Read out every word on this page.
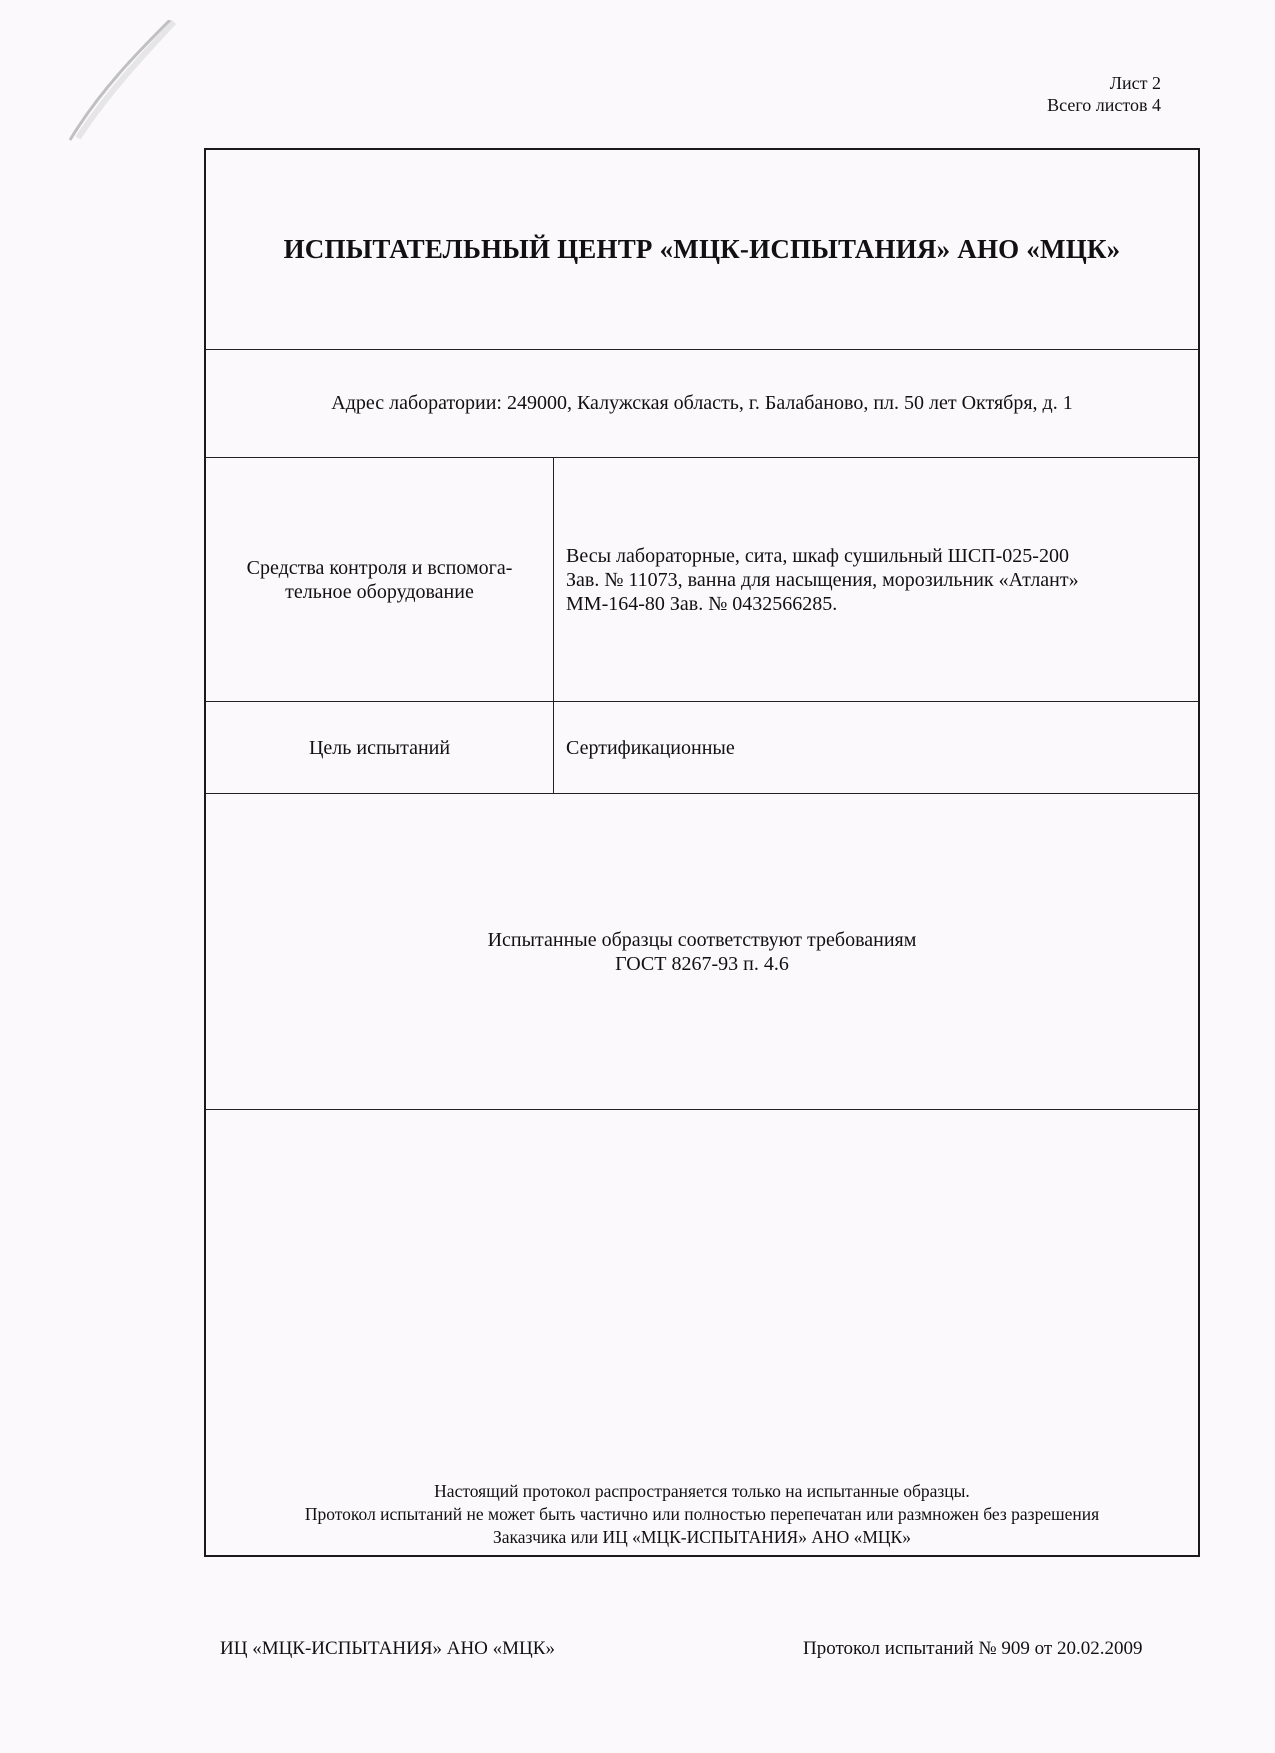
Лист 2
Всего листов 4
ИСПЫТАТЕЛЬНЫЙ ЦЕНТР «МЦК-ИСПЫТАНИЯ» АНО «МЦК»
Адрес лаборатории: 249000, Калужская область, г. Балабаново, пл. 50 лет Октября, д. 1
Средства контроля и вспомога-
тельное оборудование
Весы лабораторные, сита, шкаф сушильный ШСП-025-200
Зав. № 11073, ванна для насыщения, морозильник «Атлант»
ММ-164-80 Зав. № 0432566285.
Цель испытаний	Сертификационные
Испытанные образцы соответствуют требованиям
ГОСТ 8267-93 п. 4.6
Настоящий протокол распространяется только на испытанные образцы.
Протокол испытаний не может быть частично или полностью перепечатан или размножен без разрешения
Заказчика или ИЦ «МЦК-ИСПЫТАНИЯ» АНО «МЦК»
ИЦ «МЦК-ИСПЫТАНИЯ» АНО «МЦК»	Протокол испытаний № 909 от 20.02.2009
